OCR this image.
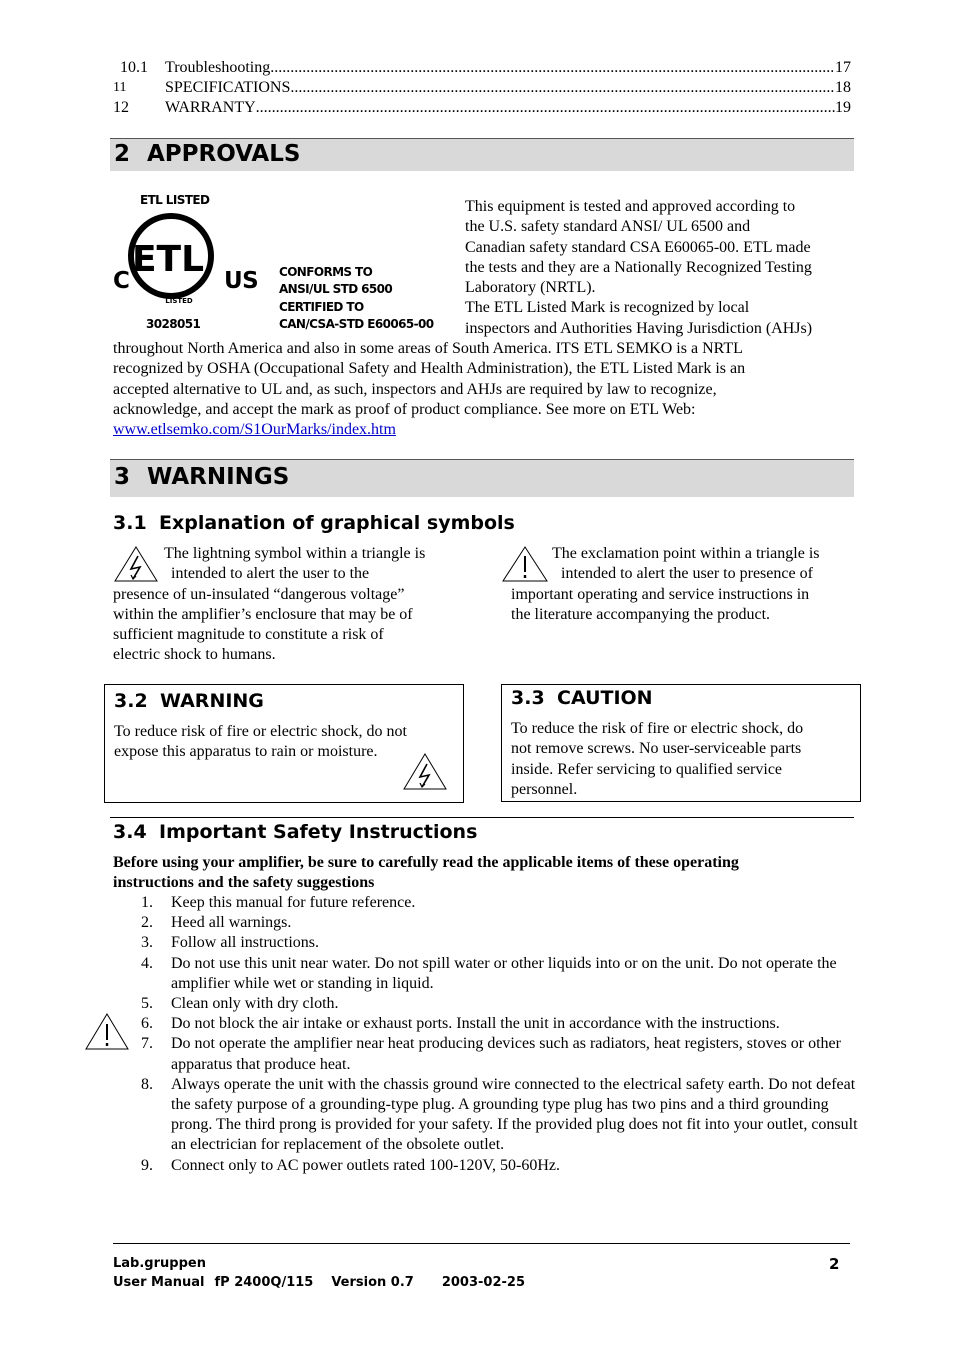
10.1	Troubleshooting .....	17
11	SPECIFICATIONS .....	18
12	WARRANTY .....	19
2 APPROVALS
ETL LISTED
ETL
LISTED
C	US
3028051
CONFORMS TO
ANSI/UL STD 6500
CERTIFIED TO
CAN/CSA-STD E60065-00
This equipment is tested and approved according to
the U.S. safety standard ANSI/ UL 6500 and
Canadian safety standard CSA E60065-00. ETL made
the tests and they are a Nationally Recognized Testing
Laboratory (NRTL).
The ETL Listed Mark is recognized by local
inspectors and Authorities Having Jurisdiction (AHJs)
throughout North America and also in some areas of South America. ITS ETL SEMKO is a NRTL
recognized by OSHA (Occupational Safety and Health Administration), the ETL Listed Mark is an
accepted alternative to UL and, as such, inspectors and AHJs are required by law to recognize,
acknowledge, and accept the mark as proof of product compliance. See more on ETL Web:
www.etlsemko.com/S1OurMarks/index.htm
3 WARNINGS
3.1 Explanation of graphical symbols
The lightning symbol within a triangle is
intended to alert the user to the
presence of un-insulated “dangerous voltage”
within the amplifier’s enclosure that may be of
sufficient magnitude to constitute a risk of
electric shock to humans.
The exclamation point within a triangle is
intended to alert the user to presence of
important operating and service instructions in
the literature accompanying the product.
3.2 WARNING
To reduce risk of fire or electric shock, do not
expose this apparatus to rain or moisture.
3.3 CAUTION
To reduce the risk of fire or electric shock, do
not remove screws. No user-serviceable parts
inside. Refer servicing to qualified service
personnel.
3.4 Important Safety Instructions
Before using your amplifier, be sure to carefully read the applicable items of these operating
instructions and the safety suggestions
1. Keep this manual for future reference.
2. Heed all warnings.
3. Follow all instructions.
4. Do not use this unit near water. Do not spill water or other liquids into or on the unit. Do not operate the amplifier while wet or standing in liquid.
5. Clean only with dry cloth.
6. Do not block the air intake or exhaust ports. Install the unit in accordance with the instructions.
7. Do not operate the amplifier near heat producing devices such as radiators, heat registers, stoves or other apparatus that produce heat.
8. Always operate the unit with the chassis ground wire connected to the electrical safety earth. Do not defeat the safety purpose of a grounding-type plug. A grounding type plug has two pins and a third grounding prong. The third prong is provided for your safety. If the provided plug does not fit into your outlet, consult an electrician for replacement of the obsolete outlet.
9. Connect only to AC power outlets rated 100-120V, 50-60Hz.
Lab.gruppen
User Manual fP 2400Q/115 Version 0.7 2003-02-25
2
